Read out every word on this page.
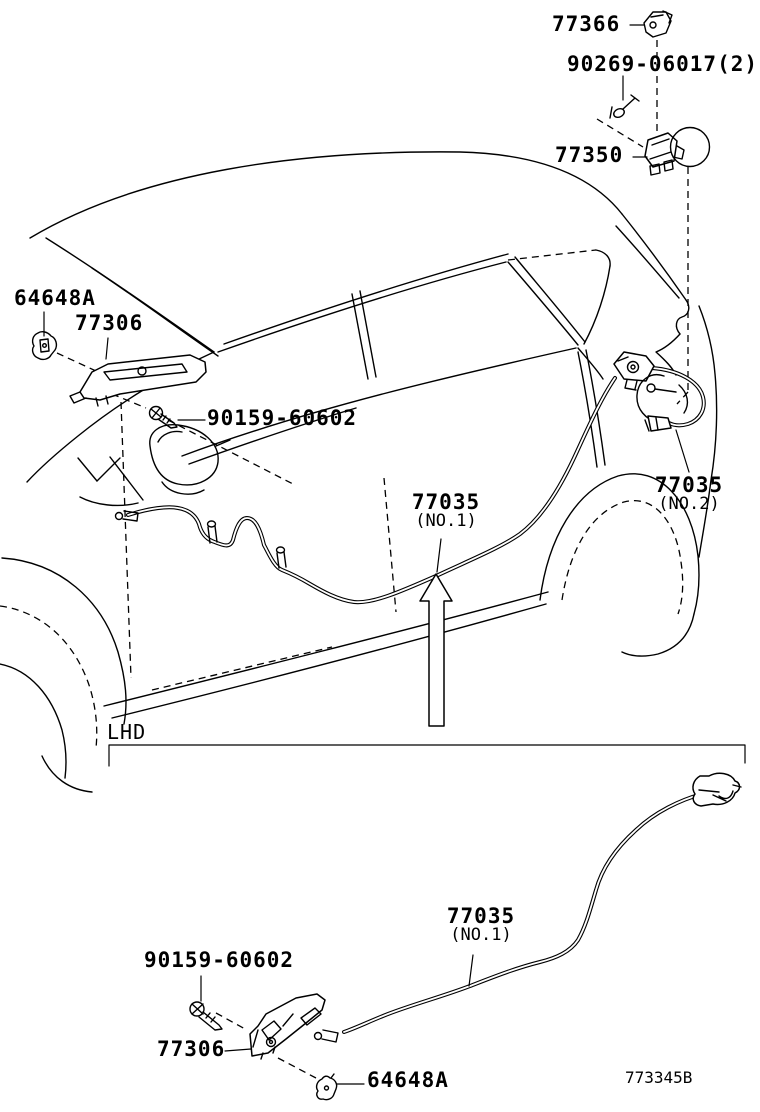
77366
90269-06017(2)
77350
64648A
77306
90159-60602
77035
(NO.1)
77035
(NO.2)
LHD
77035
(NO.1)
90159-60602
77306
64648A	773345B
